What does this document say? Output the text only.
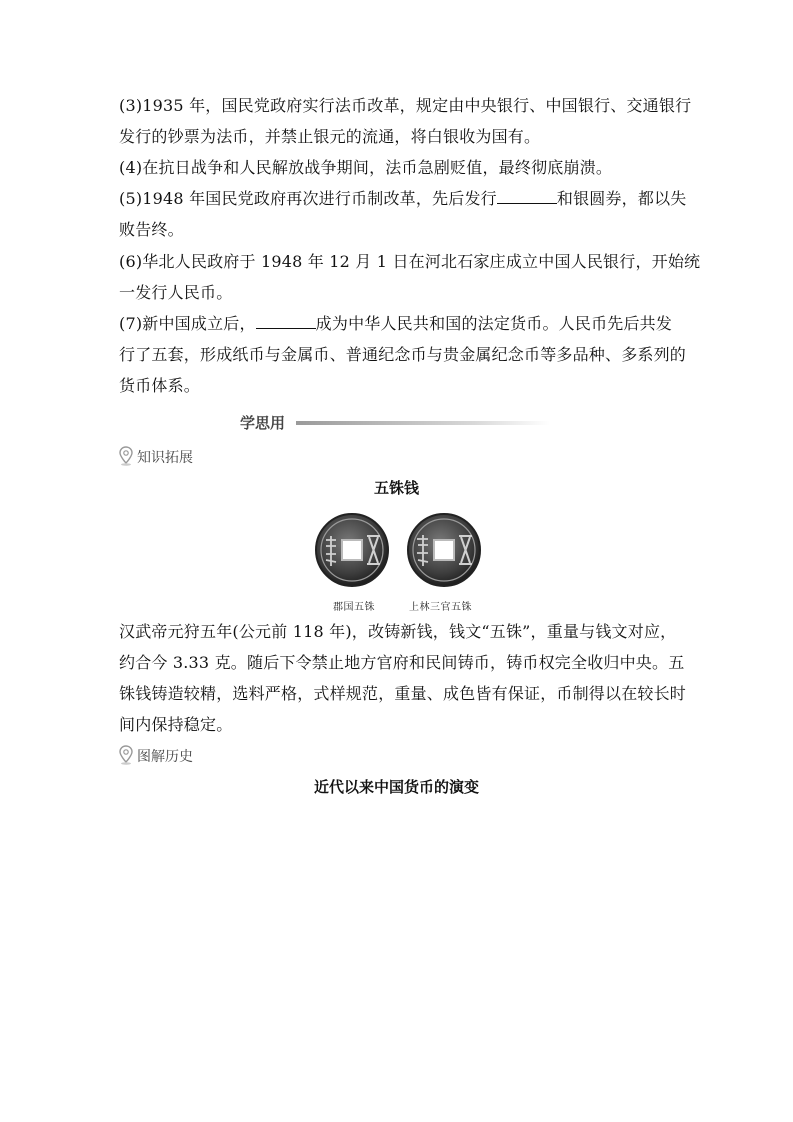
(3)1935 年，国民党政府实行法币改革，规定由中央银行、中国银行、交通银行
发行的钞票为法币，并禁止银元的流通，将白银收为国有。
(4)在抗日战争和人民解放战争期间，法币急剧贬值，最终彻底崩溃。
(5)1948 年国民党政府再次进行币制改革，先后发行	和银圆券，都以失
败告终。
(6)华北人民政府于 1948 年 12 月 1 日在河北石家庄成立中国人民银行，开始统
一发行人民币。
(7)新中国成立后，	成为中华人民共和国的法定货币。人民币先后共发
行了五套，形成纸币与金属币、普通纪念币与贵金属纪念币等多品种、多系列的
货币体系。
学思用
知识拓展
五铢钱
郡国五铢	上林三官五铢
汉武帝元狩五年(公元前 118 年)，改铸新钱，钱文“五铢”，重量与钱文对应，
约合今 3.33 克。随后下令禁止地方官府和民间铸币，铸币权完全收归中央。五
铢钱铸造较精，选料严格，式样规范，重量、成色皆有保证，币制得以在较长时
间内保持稳定。
图解历史
近代以来中国货币的演变
